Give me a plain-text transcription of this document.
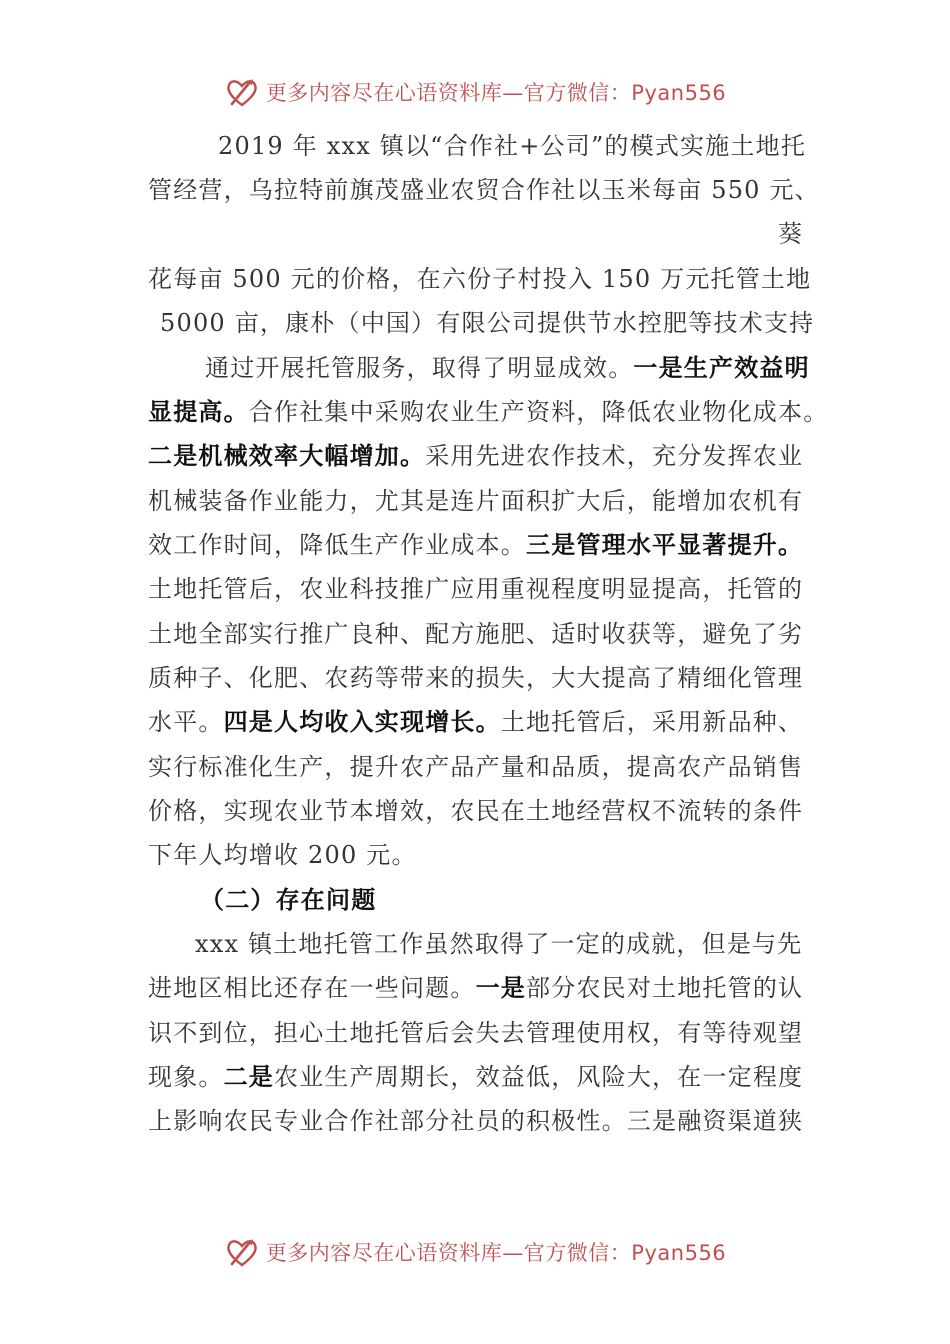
更多内容尽在心语资料库—官方微信：Pyan556
2019 年 xxx 镇以“合作社+公司”的模式实施土地托
管经营，乌拉特前旗茂盛业农贸合作社以玉米每亩 550 元、
葵
花每亩 500 元的价格，在六份子村投入 150 万元托管土地
5000 亩，康朴（中国）有限公司提供节水控肥等技术支持
通过开展托管服务，取得了明显成效。一是生产效益明
显提高。合作社集中采购农业生产资料，降低农业物化成本。
二是机械效率大幅增加。采用先进农作技术，充分发挥农业
机械装备作业能力，尤其是连片面积扩大后，能增加农机有
效工作时间，降低生产作业成本。三是管理水平显著提升。
土地托管后，农业科技推广应用重视程度明显提高，托管的
土地全部实行推广良种、配方施肥、适时收获等，避免了劣
质种子、化肥、农药等带来的损失，大大提高了精细化管理
水平。四是人均收入实现增长。土地托管后，采用新品种、
实行标准化生产，提升农产品产量和品质，提高农产品销售
价格，实现农业节本增效，农民在土地经营权不流转的条件
下年人均增收 200 元。
（二）存在问题
xxx 镇土地托管工作虽然取得了一定的成就，但是与先
进地区相比还存在一些问题。一是部分农民对土地托管的认
识不到位，担心土地托管后会失去管理使用权，有等待观望
现象。二是农业生产周期长，效益低，风险大，在一定程度
上影响农民专业合作社部分社员的积极性。三是融资渠道狭
更多内容尽在心语资料库—官方微信：Pyan556
